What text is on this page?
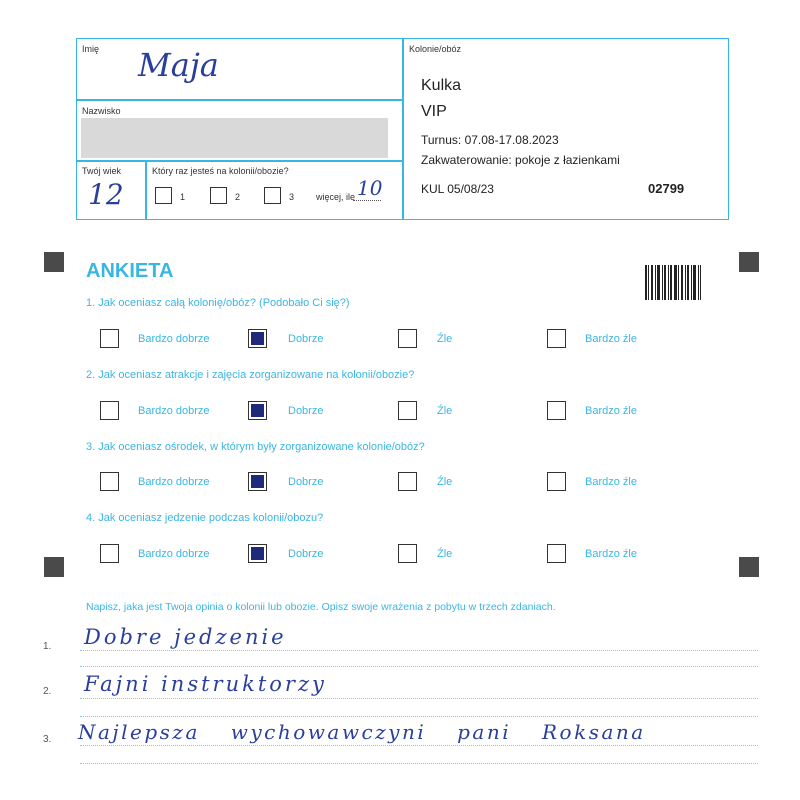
Imię Maja
Nazwisko
Twój wiek
12
Który raz jesteś na kolonii/obozie?
1	2	3 więcej, ile 10
Kolonie/obóz
Kulka
VIP
Turnus: 07.08-17.08.2023
Zakwaterowanie: pokoje z łazienkami
KUL 05/08/23	02799
ANKIETA
1. Jak oceniasz całą kolonię/obóz? (Podobało Ci się?)
Bardzo dobrze	Dobrze	Źle	Bardzo źle
2. Jak oceniasz atrakcje i zajęcia zorganizowane na kolonii/obozie?
Bardzo dobrze	Dobrze	Źle	Bardzo źle
3. Jak oceniasz ośrodek, w którym były zorganizowane kolonie/obóz?
Bardzo dobrze	Dobrze	Źle	Bardzo źle
4. Jak oceniasz jedzenie podczas kolonii/obozu?
Bardzo dobrze	Dobrze	Źle	Bardzo źle
Napisz, jaka jest Twoja opinia o kolonii lub obozie. Opisz swoje wrażenia z pobytu w trzech zdaniach.
1. Dobre jedzenie
2. Fajni instruktorzy
3. Najlepsza wychowawczyni pani Roksana
